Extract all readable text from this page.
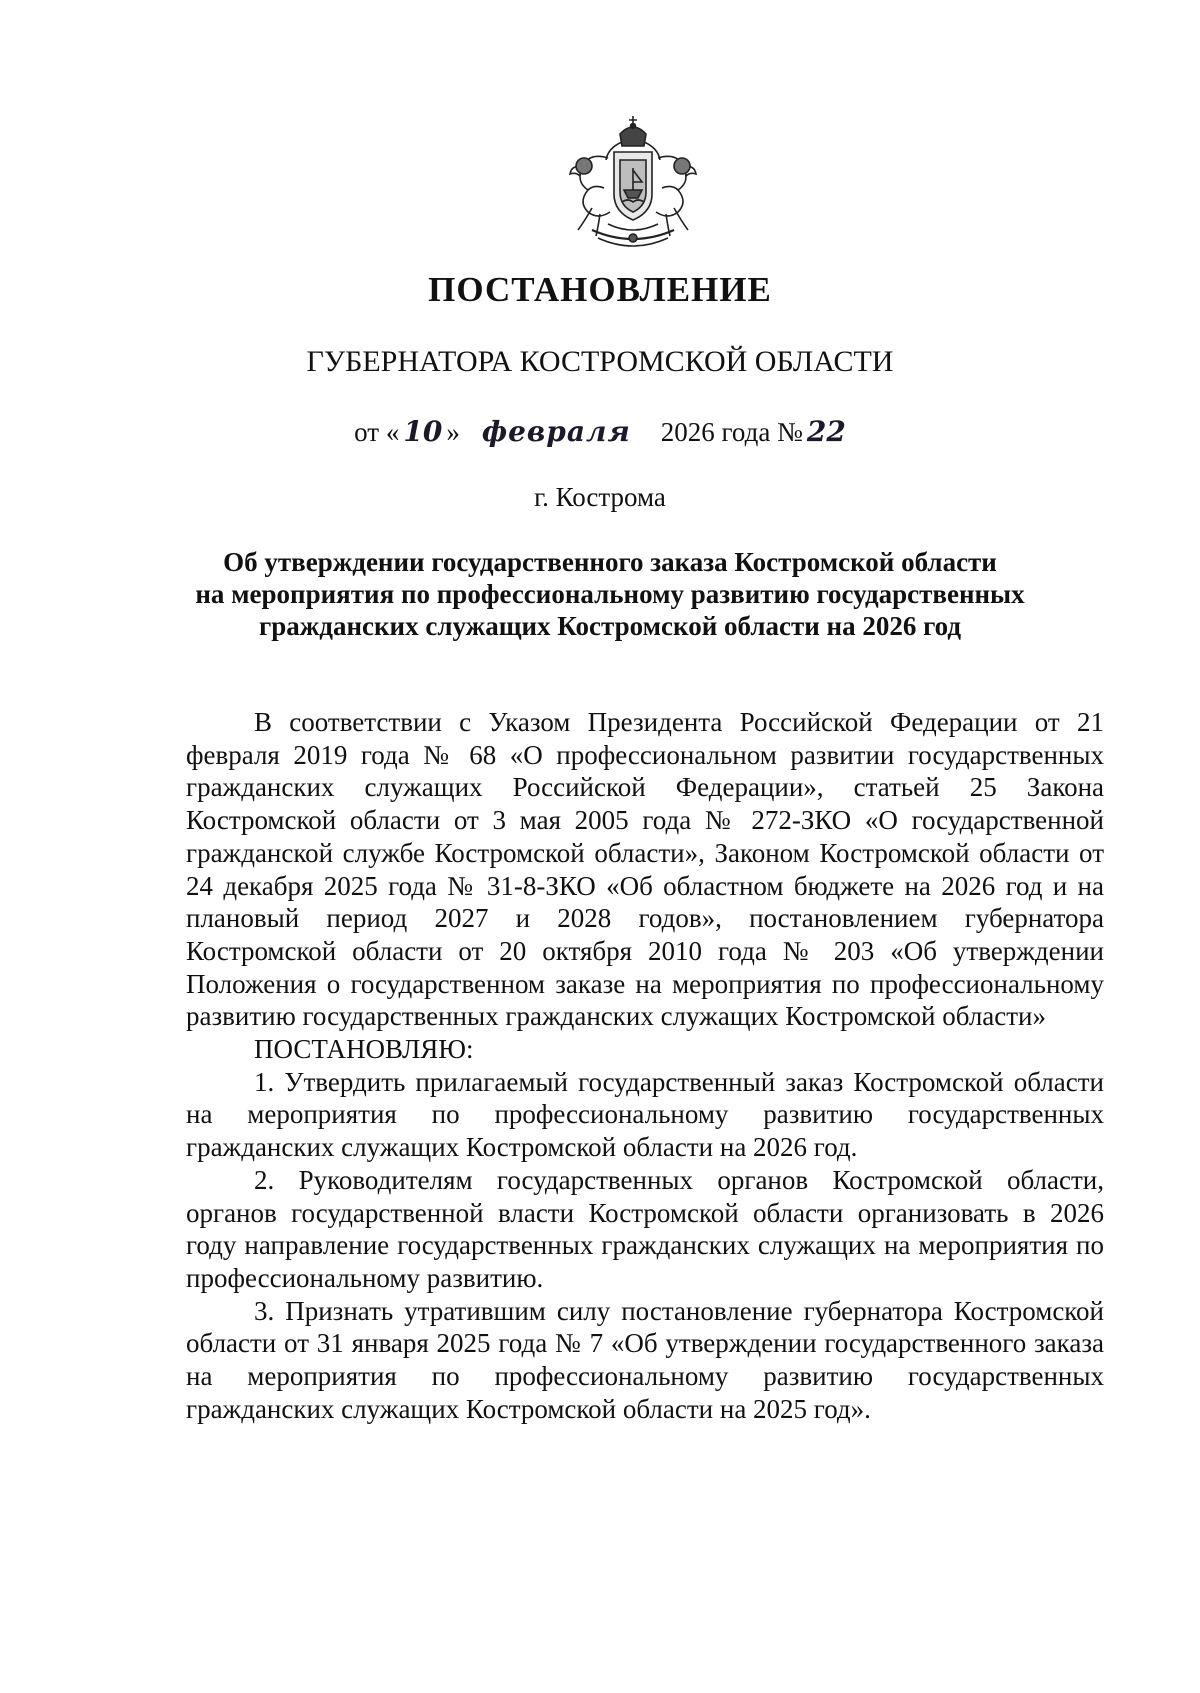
ПОСТАНОВЛЕНИЕ
ГУБЕРНАТОРА КОСТРОМСКОЙ ОБЛАСТИ
от « 10 » февраля 2026 года № 22
г. Кострома
Об утверждении государственного заказа Костромской области
на мероприятия по профессиональному развитию государственных
гражданских служащих Костромской области на 2026 год

В соответствии с Указом Президента Российской Федерации от 21 февраля 2019 года № 68 «О профессиональном развитии государственных гражданских служащих Российской Федерации», статьей 25 Закона Костромской области от 3 мая 2005 года № 272-ЗКО «О государственной гражданской службе Костромской области», Законом Костромской области от 24 декабря 2025 года № 31-8-ЗКО «Об областном бюджете на 2026 год и на плановый период 2027 и 2028 годов», постановлением губернатора Костромской области от 20 октября 2010 года № 203 «Об утверждении Положения о государственном заказе на мероприятия по профессиональному развитию государственных гражданских служащих Костромской области»

ПОСТАНОВЛЯЮ:

1. Утвердить прилагаемый государственный заказ Костромской области на мероприятия по профессиональному развитию государственных гражданских служащих Костромской области на 2026 год.

2. Руководителям государственных органов Костромской области, органов государственной власти Костромской области организовать в 2026 году направление государственных гражданских служащих на мероприятия по профессиональному развитию.

3. Признать утратившим силу постановление губернатора Костромской области от 31 января 2025 года № 7 «Об утверждении государственного заказа на мероприятия по профессиональному развитию государственных гражданских служащих Костромской области на 2025 год».
